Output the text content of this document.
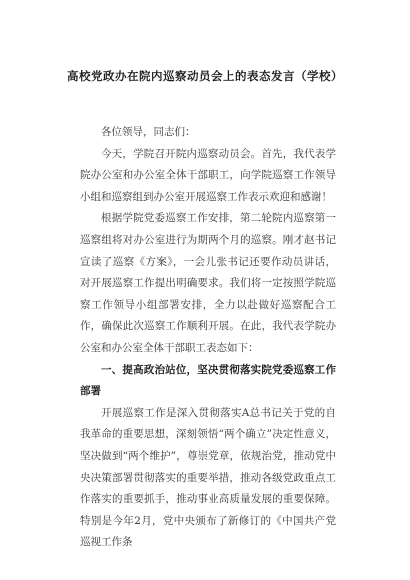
高校党政办在院内巡察动员会上的表态发言（学校）

各位领导，同志们：

今天，学院召开院内巡察动员会。首先，我代表学院办公室和办公室全体干部职工，向学院巡察工作领导小组和巡察组到办公室开展巡察工作表示欢迎和感谢！

根据学院党委巡察工作安排，第二轮院内巡察第一巡察组将对办公室进行为期两个月的巡察。刚才赵书记宣读了巡察《方案》，一会儿张书记还要作动员讲话，对开展巡察工作提出明确要求。我们将一定按照学院巡察工作领导小组部署安排，全力以赴做好巡察配合工作，确保此次巡察工作顺利开展。在此，我代表学院办公室和办公室全体干部职工表态如下：

一、提高政治站位，坚决贯彻落实院党委巡察工作部署

开展巡察工作是深入贯彻落实A总书记关于党的自我革命的重要思想，深刻领悟“两个确立”决定性意义，坚决做到“两个维护”，尊崇党章，依规治党，推动党中央决策部署贯彻落实的重要举措，推动各级党政重点工作落实的重要抓手，推动事业高质量发展的重要保障。特别是今年2月，党中央颁布了新修订的《中国共产党巡视工作条
